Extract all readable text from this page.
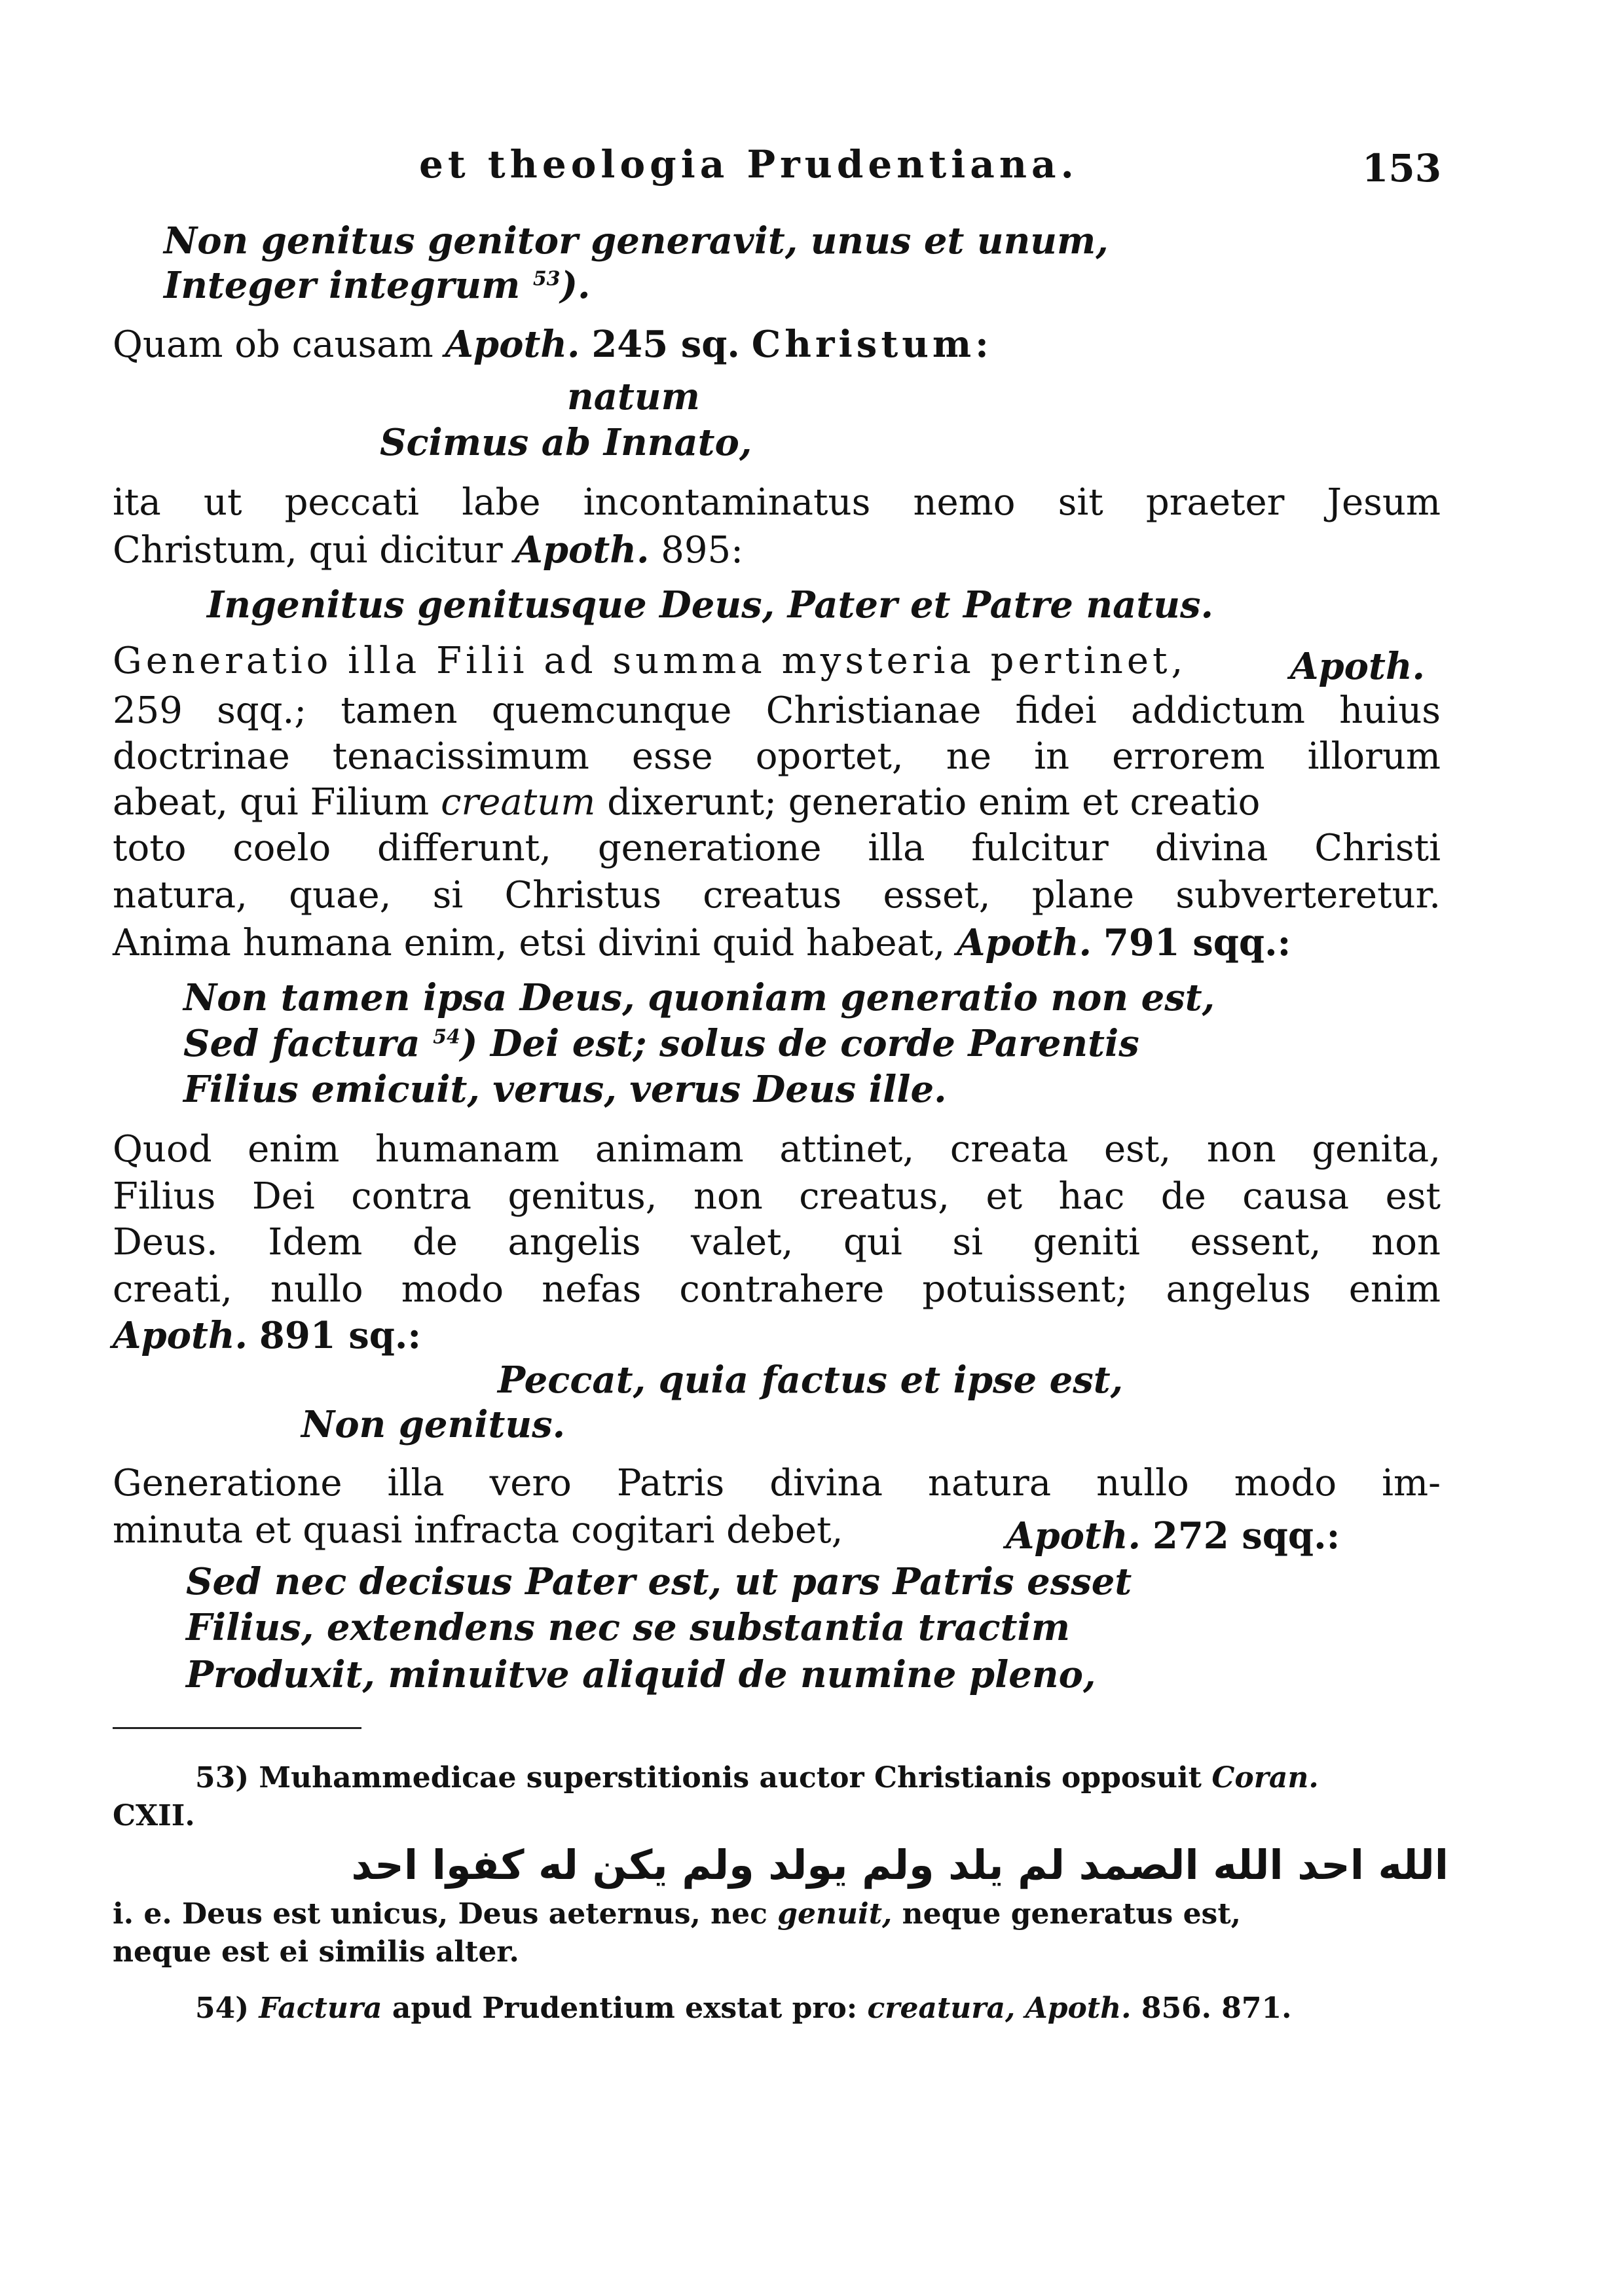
et theologia Prudentiana.	153
Non genitus genitor generavit, unus et unum,
Integer integrum $^{53}$).
Quam ob causam Apoth. 245 sq. Christum:
natum
Scimus ab Innato,
ita ut peccati labe incontaminatus nemo sit praeter Jesum
Christum, qui dicitur Apoth. 895:
Ingenitus genitusque Deus, Pater et Patre natus.
Generatio illa Filii ad summa mysteria pertinet,	Apoth.
259 sqq.; tamen quemcunque Christianae fidei addictum huius
doctrinae tenacissimum esse oportet, ne in errorem illorum
abeat, qui Filium creatum dixerunt; generatio enim et creatio
toto coelo differunt, generatione illa fulcitur divina Christi
natura, quae, si Christus creatus esset, plane subverteretur.
Anima humana enim, etsi divini quid habeat, Apoth. 791 sqq.:
Non tamen ipsa Deus, quoniam generatio non est,
Sed factura $^{54}$) Dei est; solus de corde Parentis
Filius emicuit, verus, verus Deus ille.
Quod enim humanam animam attinet, creata est, non genita,
Filius Dei contra genitus, non creatus, et hac de causa est
Deus. Idem de angelis valet, qui si geniti essent, non
creati, nullo modo nefas contrahere potuissent; angelus enim
Apoth. 891 sq.:
Peccat, quia factus et ipse est,
Non genitus.
Generatione illa vero Patris divina natura nullo modo im-
minuta et quasi infracta cogitari debet,	Apoth. 272 sqq.:
Sed nec decisus Pater est, ut pars Patris esset
Filius, extendens nec se substantia tractim
Produxit, minuitve aliquid de numine pleno,
53) Muhammedicae superstitionis auctor Christianis opposuit Coran.
CXII.
الله احد الله الصمد لم يلد ولم يولد ولم يكن له كفوا احد
i. e. Deus est unicus, Deus aeternus, nec genuit, neque generatus est,
neque est ei similis alter.
54) Factura apud Prudentium exstat pro: creatura, Apoth. 856. 871.
